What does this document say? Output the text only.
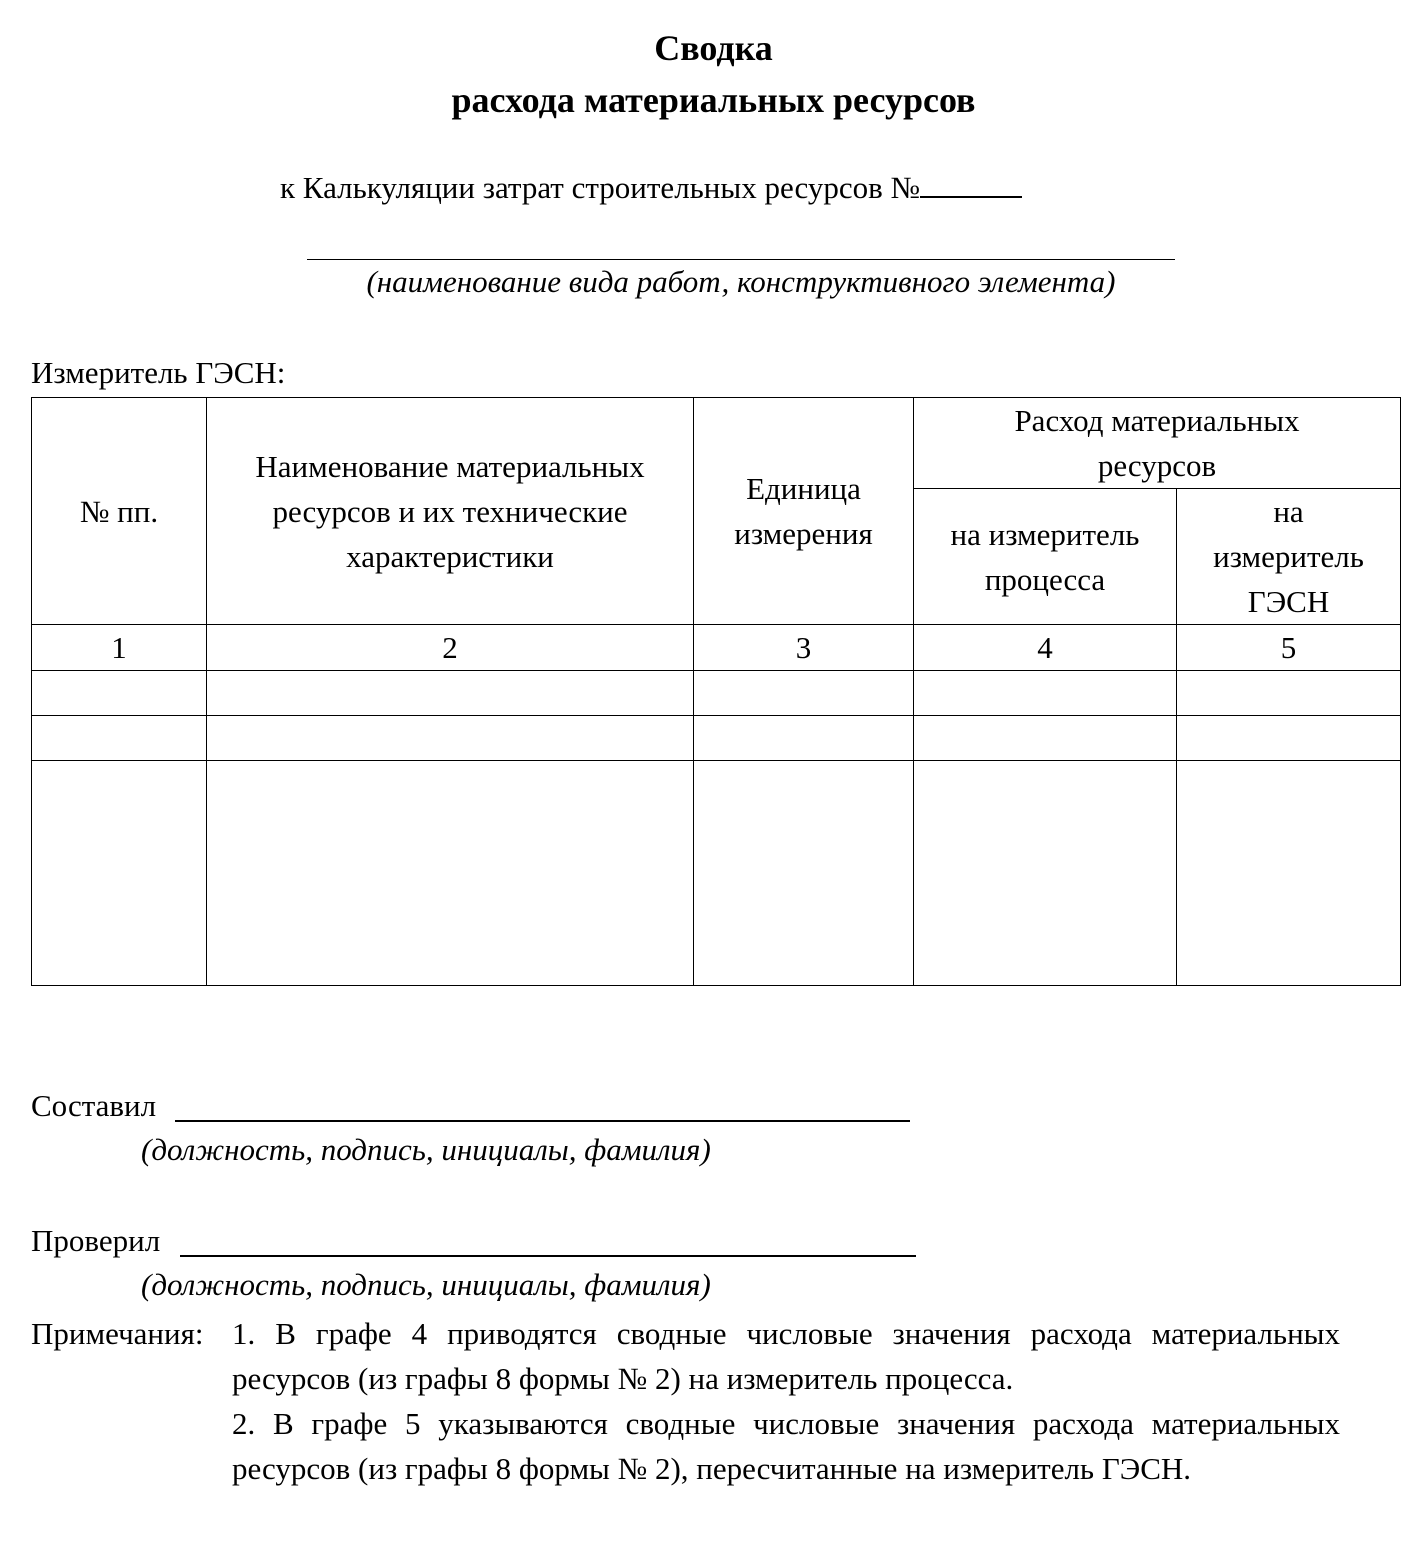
Сводка
расхода материальных ресурсов
к Калькуляции затрат строительных ресурсов №
(наименование вида работ, конструктивного элемента)
Измеритель ГЭСН:
№ пп.	Наименование материальных ресурсов и их технические характеристики	Единица измерения	Расход материальных ресурсов	

			на измеритель процесса	на измеритель ГЭСН

1	2	3	4	5

Составил
(должность, подпись, инициалы, фамилия)
Проверил
(должность, подпись, инициалы, фамилия)
Примечания: 1. В графе 4 приводятся сводные числовые значения расхода материальных ресурсов (из графы 8 формы № 2) на измеритель процесса.
2. В графе 5 указываются сводные числовые значения расхода материальных ресурсов (из графы 8 формы № 2), пересчитанные на измеритель ГЭСН.
